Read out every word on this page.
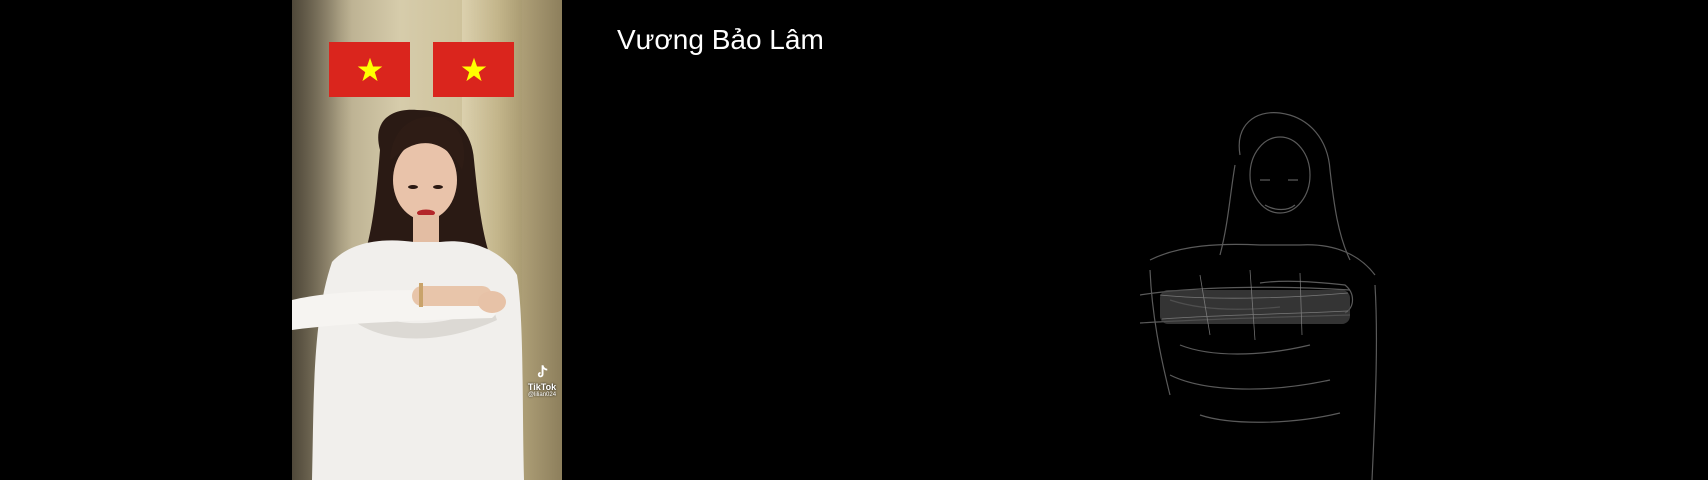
TikTok
@lilian024
Vương Bảo Lâm
